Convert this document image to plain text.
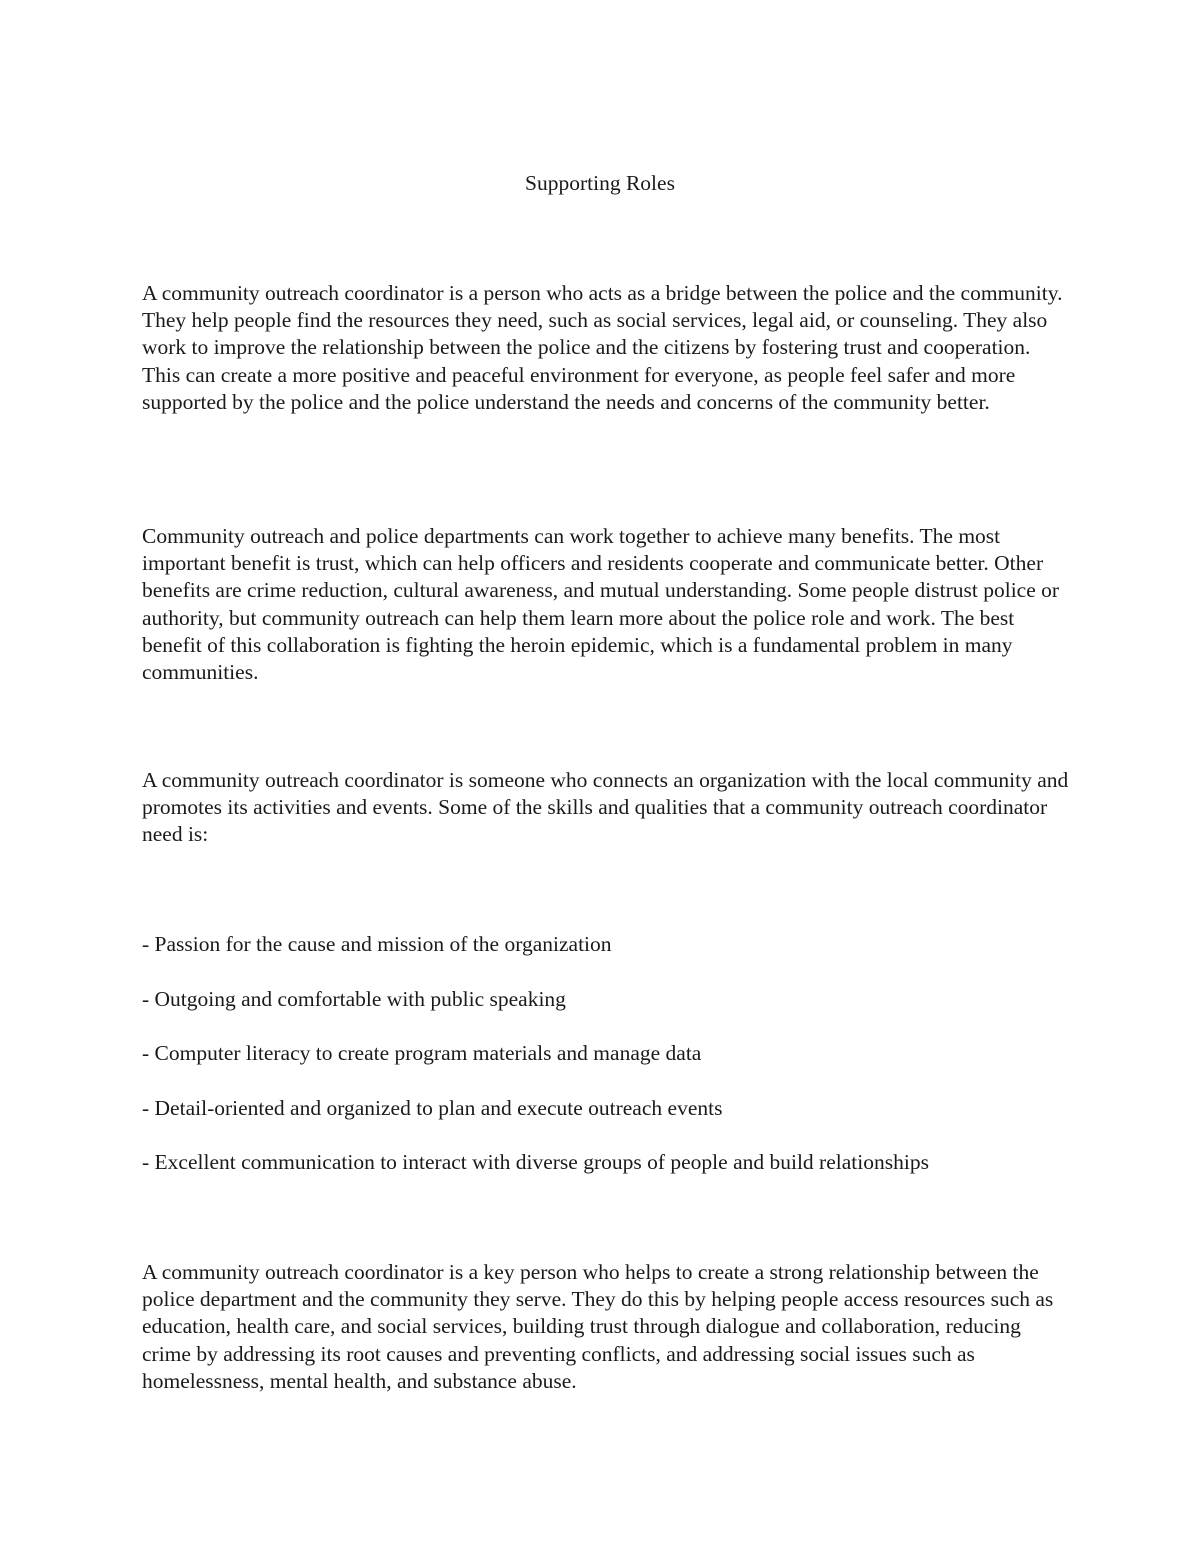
Supporting Roles

A community outreach coordinator is a person who acts as a bridge between the police and the community. They help people find the resources they need, such as social services, legal aid, or counseling. They also work to improve the relationship between the police and the citizens by fostering trust and cooperation. This can create a more positive and peaceful environment for everyone, as people feel safer and more supported by the police and the police understand the needs and concerns of the community better.

Community outreach and police departments can work together to achieve many benefits. The most important benefit is trust, which can help officers and residents cooperate and communicate better. Other benefits are crime reduction, cultural awareness, and mutual understanding. Some people distrust police or authority, but community outreach can help them learn more about the police role and work. The best benefit of this collaboration is fighting the heroin epidemic, which is a fundamental problem in many communities.

A community outreach coordinator is someone who connects an organization with the local community and promotes its activities and events. Some of the skills and qualities that a community outreach coordinator need is:

- Passion for the cause and mission of the organization
- Outgoing and comfortable with public speaking
- Computer literacy to create program materials and manage data
- Detail-oriented and organized to plan and execute outreach events
- Excellent communication to interact with diverse groups of people and build relationships

A community outreach coordinator is a key person who helps to create a strong relationship between the police department and the community they serve. They do this by helping people access resources such as education, health care, and social services, building trust through dialogue and collaboration, reducing crime by addressing its root causes and preventing conflicts, and addressing social issues such as homelessness, mental health, and substance abuse.
